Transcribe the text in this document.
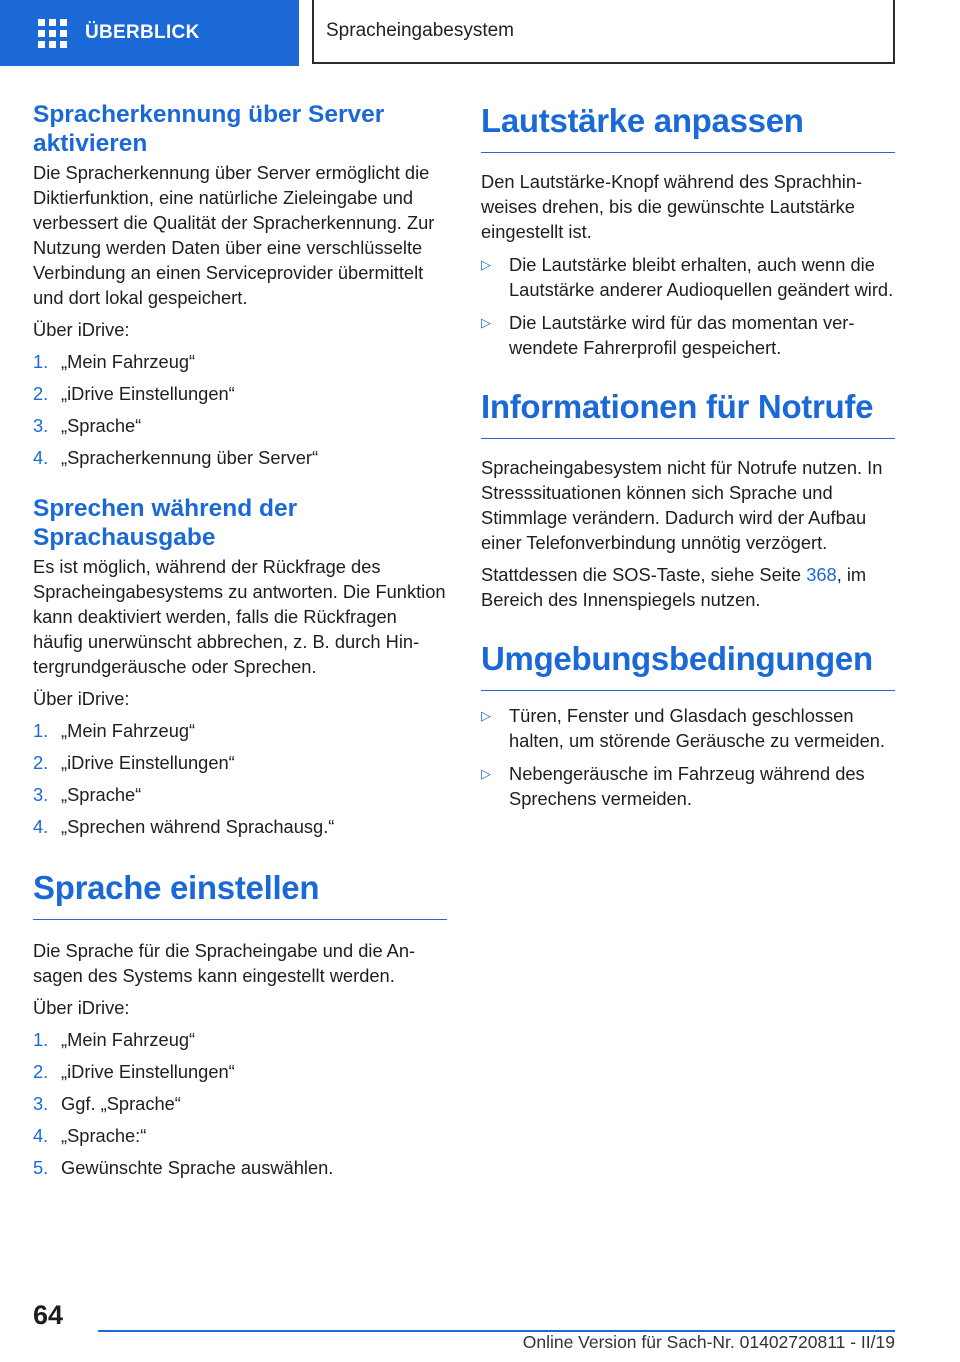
ÜBERBLICK	Spracheingabesystem
Spracherkennung über Server aktivieren

Die Spracherkennung über Server ermöglicht die Diktierfunktion, eine natürliche Zieleingabe und verbessert die Qualität der Spracherkennung. Zur Nutzung werden Daten über eine verschlüsselte Verbindung an einen Serviceprovider übermittelt und dort lokal gespeichert.

Über iDrive:

1. „Mein Fahrzeug“
2. „iDrive Einstellungen“
3. „Sprache“
4. „Spracherkennung über Server“
Sprechen während der Sprachausgabe

Es ist möglich, während der Rückfrage des Spracheingabesystems zu antworten. Die Funktion kann deaktiviert werden, falls die Rückfragen häufig unerwünscht abbrechen, z. B. durch Hintergrundgeräusche oder Sprechen.

Über iDrive:

1. „Mein Fahrzeug“
2. „iDrive Einstellungen“
3. „Sprache“
4. „Sprechen während Sprachausg.“
Sprache einstellen

Die Sprache für die Spracheingabe und die Ansagen des Systems kann eingestellt werden.

Über iDrive:

1. „Mein Fahrzeug“
2. „iDrive Einstellungen“
3. Ggf. „Sprache“
4. „Sprache:“
5. Gewünschte Sprache auswählen.
Lautstärke anpassen

Den Lautstärke-Knopf während des Sprachhinweises drehen, bis die gewünschte Lautstärke eingestellt ist.

▷ Die Lautstärke bleibt erhalten, auch wenn die Lautstärke anderer Audioquellen geändert wird.
▷ Die Lautstärke wird für das momentan verwendete Fahrerprofil gespeichert.
Informationen für Notrufe

Spracheingabesystem nicht für Notrufe nutzen. In Stresssituationen können sich Sprache und Stimmlage verändern. Dadurch wird der Aufbau einer Telefonverbindung unnötig verzögert.

Stattdessen die SOS-Taste, siehe Seite 368, im Bereich des Innenspiegels nutzen.

Umgebungsbedingungen
▷ Türen, Fenster und Glasdach geschlossen halten, um störende Geräusche zu vermeiden.
▷ Nebengeräusche im Fahrzeug während des Sprechens vermeiden.
64
Online Version für Sach-Nr. 01402720811 - II/19
